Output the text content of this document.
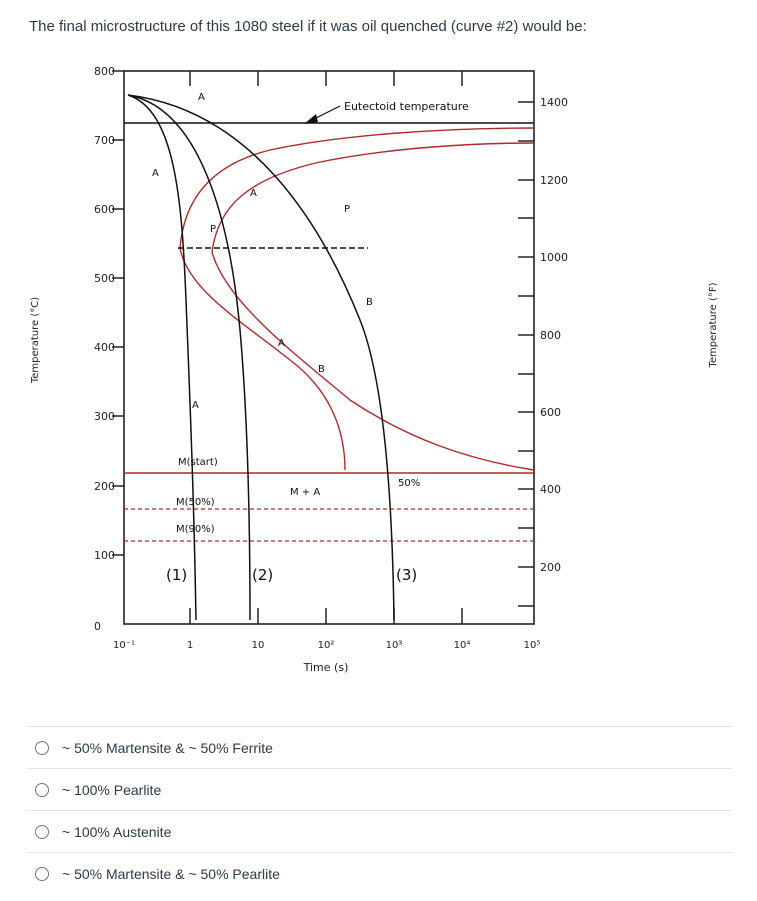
The final microstructure of this 1080 steel if it was oil quenched (curve #2) would be:
800
700
600
500
400
300
200
100
0
1400
1200
1000
800
600
400
200
10⁻¹	1	10	10²	10³	10⁴	10⁵
Time (s)
Temperature (°C)	Temperature (°F)
Eutectoid temperature
A
A
A
P
P
B
A
B
A
M(start)
M + A
50%
M(50%)
M(90%)
(1)	(2)	(3)
~ 50% Martensite & ~ 50% Ferrite
~ 100% Pearlite
~ 100% Austenite
~ 50% Martensite & ~ 50% Pearlite
